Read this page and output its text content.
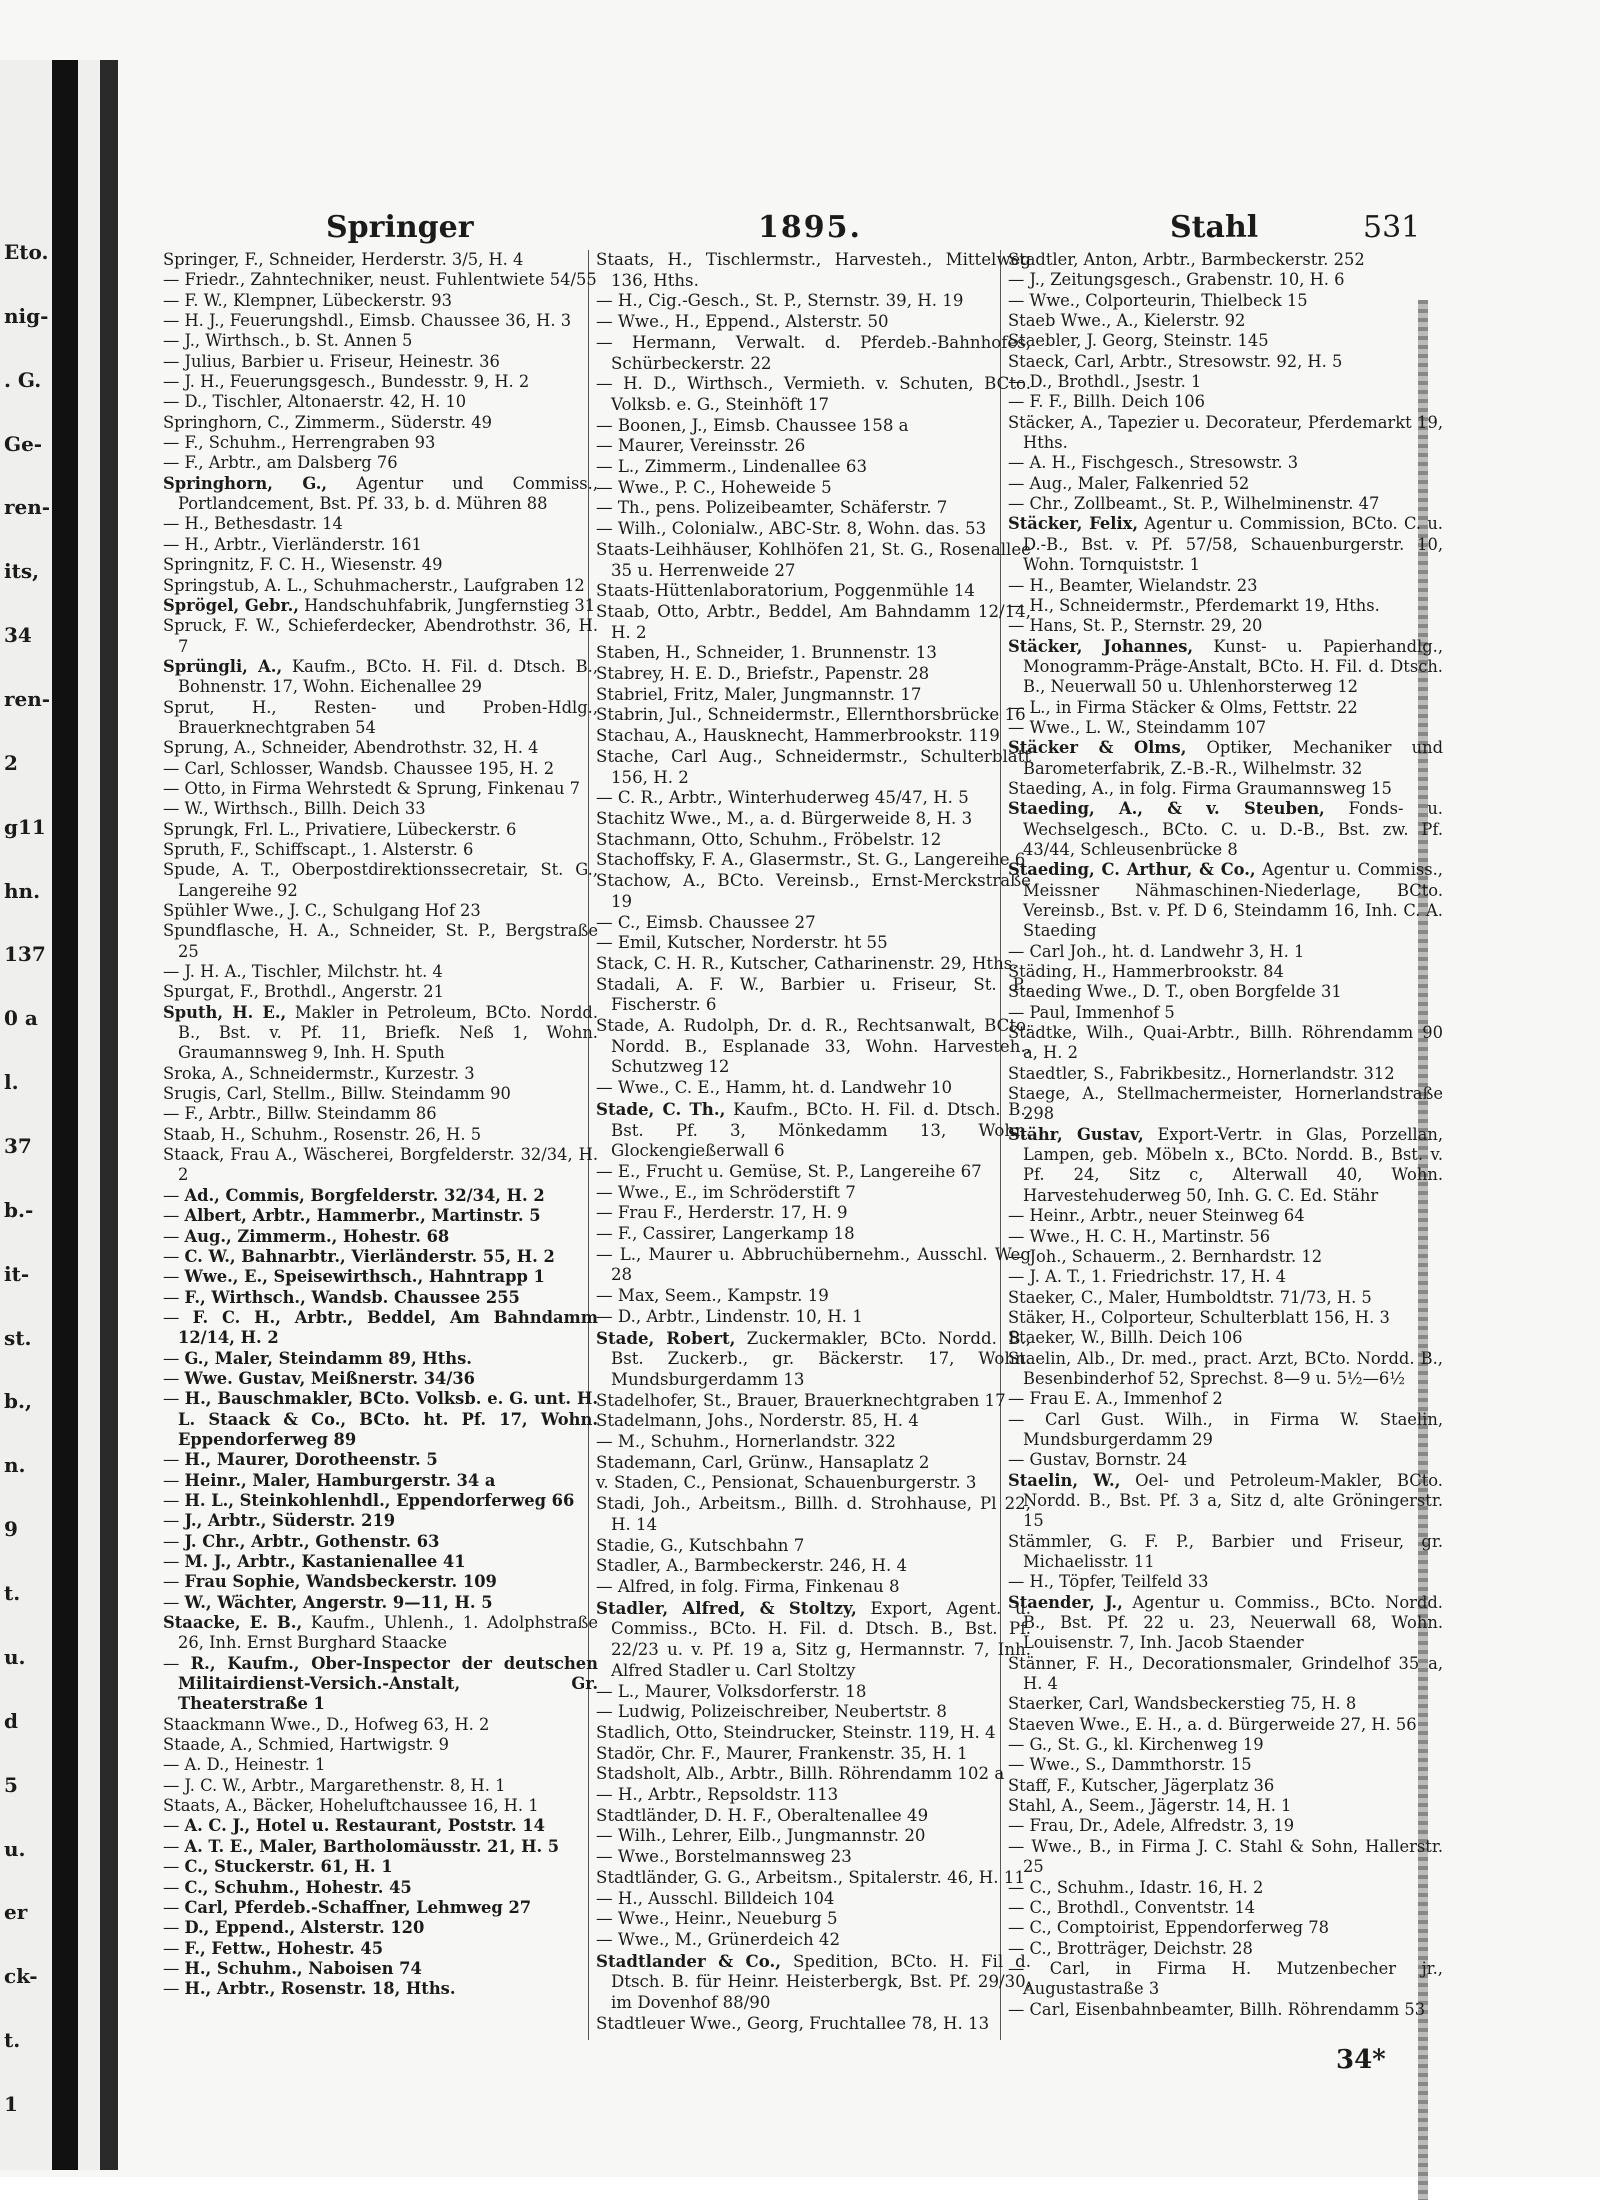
Eto.
nig-
. G.
Ge-
ren-
its,
34
ren-
2
g11
hn.
137
0 a
l.
37
b.-
it-
st.
b.,
n.
9
t.
u.
d
5
u.
er
ck-
t.
1
Springer	1895.	Stahl	531

Springer, F., Schneider, Herderstr. 3/5, H. 4

— Friedr., Zahntechniker, neust. Fuhlentwiete 54/55

— F. W., Klempner, Lübeckerstr. 93

— H. J., Feuerungshdl., Eimsb. Chaussee 36, H. 3

— J., Wirthsch., b. St. Annen 5

— Julius, Barbier u. Friseur, Heinestr. 36

— J. H., Feuerungsgesch., Bundesstr. 9, H. 2

— D., Tischler, Altonaerstr. 42, H. 10

Springhorn, C., Zimmerm., Süderstr. 49

— F., Schuhm., Herrengraben 93

— F., Arbtr., am Dalsberg 76

Springhorn, G., Agentur und Commiss., Portlandcement, Bst. Pf. 33, b. d. Mühren 88

— H., Bethesdastr. 14

— H., Arbtr., Vierländerstr. 161

Springnitz, F. C. H., Wiesenstr. 49

Springstub, A. L., Schuhmacherstr., Laufgraben 12

Sprögel, Gebr., Handschuhfabrik, Jungfernstieg 31

Spruck, F. W., Schieferdecker, Abendrothstr. 36, H. 7

Sprüngli, A., Kaufm., BCto. H. Fil. d. Dtsch. B., Bohnenstr. 17, Wohn. Eichenallee 29

Sprut, H., Resten- und Proben-Hdlg., Brauerknechtgraben 54

Sprung, A., Schneider, Abendrothstr. 32, H. 4

— Carl, Schlosser, Wandsb. Chaussee 195, H. 2

— Otto, in Firma Wehrstedt & Sprung, Finkenau 7

— W., Wirthsch., Billh. Deich 33

Sprungk, Frl. L., Privatiere, Lübeckerstr. 6

Spruth, F., Schiffscapt., 1. Alsterstr. 6

Spude, A. T., Oberpostdirektionssecretair, St. G., Langereihe 92

Spühler Wwe., J. C., Schulgang Hof 23

Spundflasche, H. A., Schneider, St. P., Bergstraße 25

— J. H. A., Tischler, Milchstr. ht. 4

Spurgat, F., Brothdl., Angerstr. 21

Sputh, H. E., Makler in Petroleum, BCto. Nordd. B., Bst. v. Pf. 11, Briefk. Neß 1, Wohn. Graumannsweg 9, Inh. H. Sputh

Sroka, A., Schneidermstr., Kurzestr. 3

Srugis, Carl, Stellm., Billw. Steindamm 90

— F., Arbtr., Billw. Steindamm 86

Staab, H., Schuhm., Rosenstr. 26, H. 5

Staack, Frau A., Wäscherei, Borgfelderstr. 32/34, H. 2

— Ad., Commis, Borgfelderstr. 32/34, H. 2

— Albert, Arbtr., Hammerbr., Martinstr. 5

— Aug., Zimmerm., Hohestr. 68

— C. W., Bahnarbtr., Vierländerstr. 55, H. 2

— Wwe., E., Speisewirthsch., Hahntrapp 1

— F., Wirthsch., Wandsb. Chaussee 255

— F. C. H., Arbtr., Beddel, Am Bahndamm 12/14, H. 2

— G., Maler, Steindamm 89, Hths.

— Wwe. Gustav, Meißnerstr. 34/36

— H., Bauschmakler, BCto. Volksb. e. G. unt. H. L. Staack & Co., BCto. ht. Pf. 17, Wohn. Eppendorferweg 89

— H., Maurer, Dorotheenstr. 5

— Heinr., Maler, Hamburgerstr. 34 a

— H. L., Steinkohlenhdl., Eppendorferweg 66

— J., Arbtr., Süderstr. 219

— J. Chr., Arbtr., Gothenstr. 63

— M. J., Arbtr., Kastanienallee 41

— Frau Sophie, Wandsbeckerstr. 109

— W., Wächter, Angerstr. 9—11, H. 5

Staacke, E. B., Kaufm., Uhlenh., 1. Adolphstraße 26, Inh. Ernst Burghard Staacke

— R., Kaufm., Ober-Inspector der deutschen Militairdienst-Versich.-Anstalt, Gr. Theaterstraße 1

Staackmann Wwe., D., Hofweg 63, H. 2

Staade, A., Schmied, Hartwigstr. 9

— A. D., Heinestr. 1

— J. C. W., Arbtr., Margarethenstr. 8, H. 1

Staats, A., Bäcker, Hoheluftchaussee 16, H. 1

— A. C. J., Hotel u. Restaurant, Poststr. 14

— A. T. E., Maler, Bartholomäusstr. 21, H. 5

— C., Stuckerstr. 61, H. 1

— C., Schuhm., Hohestr. 45

— Carl, Pferdeb.-Schaffner, Lehmweg 27

— D., Eppend., Alsterstr. 120

— F., Fettw., Hohestr. 45

— H., Schuhm., Naboisen 74

— H., Arbtr., Rosenstr. 18, Hths.

Staats, H., Tischlermstr., Harvesteh., Mittelweg 136, Hths.

— H., Cig.-Gesch., St. P., Sternstr. 39, H. 19

— Wwe., H., Eppend., Alsterstr. 50

— Hermann, Verwalt. d. Pferdeb.-Bahnhofes, Schürbeckerstr. 22

— H. D., Wirthsch., Vermieth. v. Schuten, BCto. Volksb. e. G., Steinhöft 17

— Boonen, J., Eimsb. Chaussee 158 a

— Maurer, Vereinsstr. 26

— L., Zimmerm., Lindenallee 63

— Wwe., P. C., Hoheweide 5

— Th., pens. Polizeibeamter, Schäferstr. 7

— Wilh., Colonialw., ABC-Str. 8, Wohn. das. 53

Staats-Leihhäuser, Kohlhöfen 21, St. G., Rosenallee 35 u. Herrenweide 27

Staats-Hüttenlaboratorium, Poggenmühle 14

Staab, Otto, Arbtr., Beddel, Am Bahndamm 12/14, H. 2

Staben, H., Schneider, 1. Brunnenstr. 13

Stabrey, H. E. D., Briefstr., Papenstr. 28

Stabriel, Fritz, Maler, Jungmannstr. 17

Stabrin, Jul., Schneidermstr., Ellernthorsbrücke 16

Stachau, A., Hausknecht, Hammerbrookstr. 119

Stache, Carl Aug., Schneidermstr., Schulterblatt 156, H. 2

— C. R., Arbtr., Winterhuderweg 45/47, H. 5

Stachitz Wwe., M., a. d. Bürgerweide 8, H. 3

Stachmann, Otto, Schuhm., Fröbelstr. 12

Stachoffsky, F. A., Glasermstr., St. G., Langereihe 6

Stachow, A., BCto. Vereinsb., Ernst-Merckstraße 19

— C., Eimsb. Chaussee 27

— Emil, Kutscher, Norderstr. ht 55

Stack, C. H. R., Kutscher, Catharinenstr. 29, Hths.

Stadali, A. F. W., Barbier u. Friseur, St. P., Fischerstr. 6

Stade, A. Rudolph, Dr. d. R., Rechtsanwalt, BCto. Nordd. B., Esplanade 33, Wohn. Harvesteh., Schutzweg 12

— Wwe., C. E., Hamm, ht. d. Landwehr 10

Stade, C. Th., Kaufm., BCto. H. Fil. d. Dtsch. B., Bst. Pf. 3, Mönkedamm 13, Wohn. Glockengießerwall 6

— E., Frucht u. Gemüse, St. P., Langereihe 67

— Wwe., E., im Schröderstift 7

— Frau F., Herderstr. 17, H. 9

— F., Cassirer, Langerkamp 18

— L., Maurer u. Abbruchübernehm., Ausschl. Weg 28

— Max, Seem., Kampstr. 19

— D., Arbtr., Lindenstr. 10, H. 1

Stade, Robert, Zuckermakler, BCto. Nordd. B., Bst. Zuckerb., gr. Bäckerstr. 17, Wohn. Mundsburgerdamm 13

Stadelhofer, St., Brauer, Brauerknechtgraben 17

Stadelmann, Johs., Norderstr. 85, H. 4

— M., Schuhm., Hornerlandstr. 322

Stademann, Carl, Grünw., Hansaplatz 2

v. Staden, C., Pensionat, Schauenburgerstr. 3

Stadi, Joh., Arbeitsm., Billh. d. Strohhause, Pl 22, H. 14

Stadie, G., Kutschbahn 7

Stadler, A., Barmbeckerstr. 246, H. 4

— Alfred, in folg. Firma, Finkenau 8

Stadler, Alfred, & Stoltzy, Export, Agent. u. Commiss., BCto. H. Fil. d. Dtsch. B., Bst. Pf. 22/23 u. v. Pf. 19 a, Sitz g, Hermannstr. 7, Inh. Alfred Stadler u. Carl Stoltzy

— L., Maurer, Volksdorferstr. 18

— Ludwig, Polizeischreiber, Neubertstr. 8

Stadlich, Otto, Steindrucker, Steinstr. 119, H. 4

Stadör, Chr. F., Maurer, Frankenstr. 35, H. 1

Stadsholt, Alb., Arbtr., Billh. Röhrendamm 102 a

— H., Arbtr., Repsoldstr. 113

Stadtländer, D. H. F., Oberaltenallee 49

— Wilh., Lehrer, Eilb., Jungmannstr. 20

— Wwe., Borstelmannsweg 23

Stadtländer, G. G., Arbeitsm., Spitalerstr. 46, H. 11

— H., Ausschl. Billdeich 104

— Wwe., Heinr., Neueburg 5

— Wwe., M., Grünerdeich 42

Stadtlander & Co., Spedition, BCto. H. Fil d. Dtsch. B. für Heinr. Heisterbergk, Bst. Pf. 29/30, im Dovenhof 88/90

Stadtleuer Wwe., Georg, Fruchtallee 78, H. 13

Stadtler, Anton, Arbtr., Barmbeckerstr. 252

— J., Zeitungsgesch., Grabenstr. 10, H. 6

— Wwe., Colporteurin, Thielbeck 15

Staeb Wwe., A., Kielerstr. 92

Staebler, J. Georg, Steinstr. 145

Staeck, Carl, Arbtr., Stresowstr. 92, H. 5

— D., Brothdl., Jsestr. 1

— F. F., Billh. Deich 106

Stäcker, A., Tapezier u. Decorateur, Pferdemarkt 19, Hths.

— A. H., Fischgesch., Stresowstr. 3

— Aug., Maler, Falkenried 52

— Chr., Zollbeamt., St. P., Wilhelminenstr. 47

Stäcker, Felix, Agentur u. Commission, BCto. C. u. D.-B., Bst. v. Pf. 57/58, Schauenburgerstr. 10, Wohn. Tornquiststr. 1

— H., Beamter, Wielandstr. 23

— H., Schneidermstr., Pferdemarkt 19, Hths.

— Hans, St. P., Sternstr. 29, 20

Stäcker, Johannes, Kunst- u. Papierhandlg., Monogramm-Präge-Anstalt, BCto. H. Fil. d. Dtsch. B., Neuerwall 50 u. Uhlenhorsterweg 12

— L., in Firma Stäcker & Olms, Fettstr. 22

— Wwe., L. W., Steindamm 107

Stäcker & Olms, Optiker, Mechaniker und Barometerfabrik, Z.-B.-R., Wilhelmstr. 32

Staeding, A., in folg. Firma Graumannsweg 15

Staeding, A., & v. Steuben, Fonds- u. Wechselgesch., BCto. C. u. D.-B., Bst. zw. Pf. 43/44, Schleusenbrücke 8

Staeding, C. Arthur, & Co., Agentur u. Commiss., Meissner Nähmaschinen-Niederlage, BCto. Vereinsb., Bst. v. Pf. D 6, Steindamm 16, Inh. C. A. Staeding

— Carl Joh., ht. d. Landwehr 3, H. 1

Städing, H., Hammerbrookstr. 84

Staeding Wwe., D. T., oben Borgfelde 31

— Paul, Immenhof 5

Städtke, Wilh., Quai-Arbtr., Billh. Röhrendamm 90 a, H. 2

Staedtler, S., Fabrikbesitz., Hornerlandstr. 312

Staege, A., Stellmachermeister, Hornerlandstraße 298

Stähr, Gustav, Export-Vertr. in Glas, Porzellan, Lampen, geb. Möbeln x., BCto. Nordd. B., Bst. v. Pf. 24, Sitz c, Alterwall 40, Wohn. Harvestehuderweg 50, Inh. G. C. Ed. Stähr

— Heinr., Arbtr., neuer Steinweg 64

— Wwe., H. C. H., Martinstr. 56

— Joh., Schauerm., 2. Bernhardstr. 12

— J. A. T., 1. Friedrichstr. 17, H. 4

Staeker, C., Maler, Humboldtstr. 71/73, H. 5

Stäker, H., Colporteur, Schulterblatt 156, H. 3

Staeker, W., Billh. Deich 106

Staelin, Alb., Dr. med., pract. Arzt, BCto. Nordd. B., Besenbinderhof 52, Sprechst. 8—9 u. 5½—6½

— Frau E. A., Immenhof 2

— Carl Gust. Wilh., in Firma W. Staelin, Mundsburgerdamm 29

— Gustav, Bornstr. 24

Staelin, W., Oel- und Petroleum-Makler, BCto. Nordd. B., Bst. Pf. 3 a, Sitz d, alte Gröningerstr. 15

Stämmler, G. F. P., Barbier und Friseur, gr. Michaelisstr. 11

— H., Töpfer, Teilfeld 33

Staender, J., Agentur u. Commiss., BCto. Nordd. B., Bst. Pf. 22 u. 23, Neuerwall 68, Wohn. Louisenstr. 7, Inh. Jacob Staender

Stänner, F. H., Decorationsmaler, Grindelhof 35 a, H. 4

Staerker, Carl, Wandsbeckerstieg 75, H. 8

Staeven Wwe., E. H., a. d. Bürgerweide 27, H. 56

— G., St. G., kl. Kirchenweg 19

— Wwe., S., Dammthorstr. 15

Staff, F., Kutscher, Jägerplatz 36

Stahl, A., Seem., Jägerstr. 14, H. 1

— Frau, Dr., Adele, Alfredstr. 3, 19

— Wwe., B., in Firma J. C. Stahl & Sohn, Hallerstr. 25

— C., Schuhm., Idastr. 16, H. 2

— C., Brothdl., Conventstr. 14

— C., Comptoirist, Eppendorferweg 78

— C., Brotträger, Deichstr. 28

— Carl, in Firma H. Mutzenbecher jr., Augustastraße 3

— Carl, Eisenbahnbeamter, Billh. Röhrendamm 53

34*
